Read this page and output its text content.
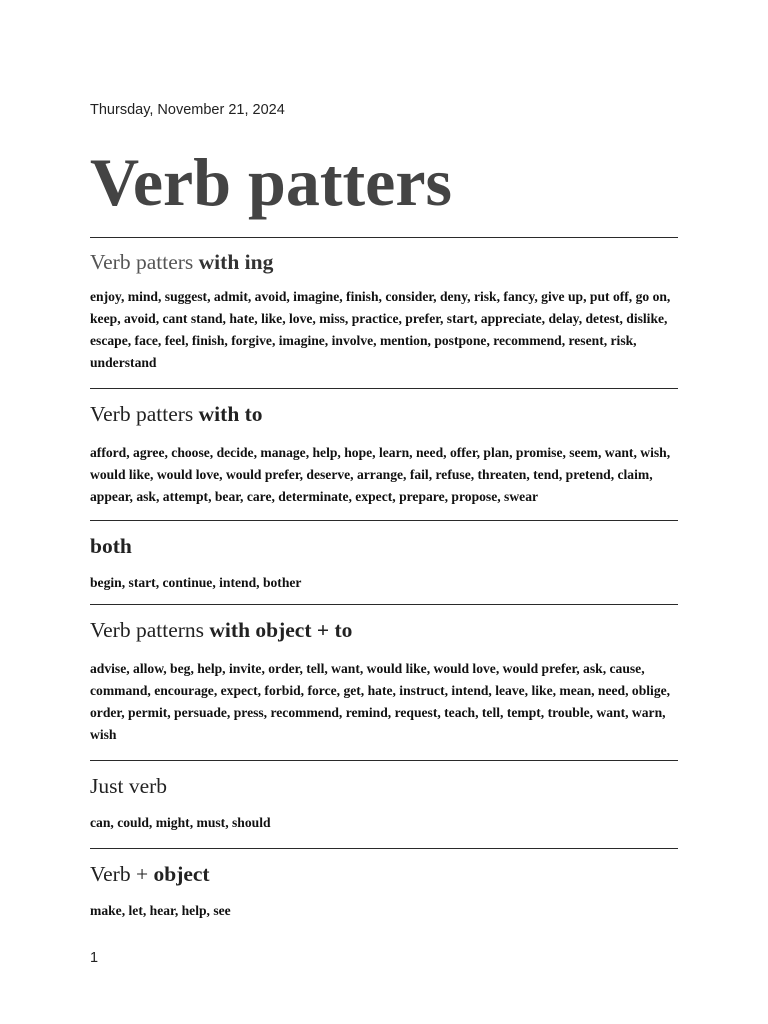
Thursday, November 21, 2024
Verb patters
Verb patters with ing

enjoy, mind, suggest, admit, avoid, imagine, finish, consider, deny, risk, fancy, give up, put off, go on, keep, avoid, cant stand, hate, like, love, miss, practice, prefer, start, appreciate, delay, detest, dislike, escape, face, feel, finish, forgive, imagine, involve, mention, postpone, recommend, resent, risk, understand

Verb patters with to

afford, agree, choose, decide, manage, help, hope, learn, need, offer, plan, promise, seem, want, wish, would like, would love, would prefer, deserve, arrange, fail, refuse, threaten, tend, pretend, claim, appear, ask, attempt, bear, care, determinate, expect, prepare, propose, swear

both

begin, start, continue, intend, bother

Verb patterns with object + to

advise, allow, beg, help, invite, order, tell, want, would like, would love, would prefer, ask, cause, command, encourage, expect, forbid, force, get, hate, instruct, intend, leave, like, mean, need, oblige, order, permit, persuade, press, recommend, remind, request, teach, tell, tempt, trouble, want, warn, wish

Just verb

can, could, might, must, should

Verb + object

make, let, hear, help, see

1
